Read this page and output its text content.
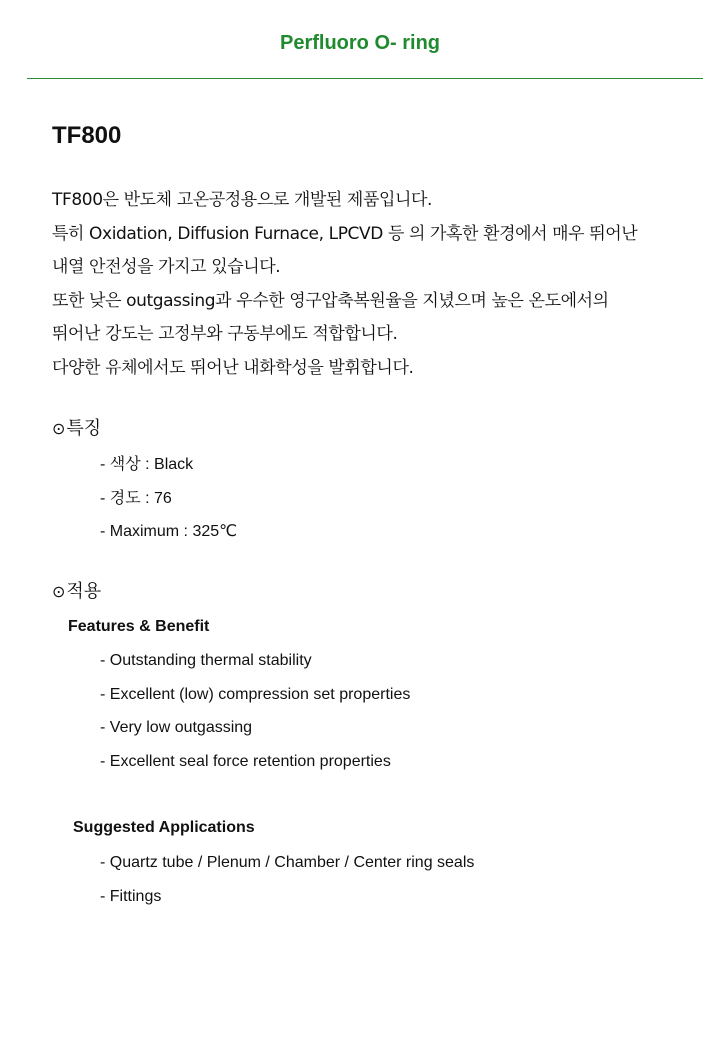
Perfluoro O- ring
TF800
TF800은 반도체 고온공정용으로 개발된 제품입니다.
특히 Oxidation, Diffusion Furnace, LPCVD 등 의 가혹한 환경에서 매우 뛰어난
내열 안전성을 가지고 있습니다.
또한 낮은 outgassing과 우수한 영구압축복원율을 지녔으며 높은 온도에서의
뛰어난 강도는 고정부와 구동부에도 적합합니다.
다양한 유체에서도 뛰어난 내화학성을 발휘합니다.
⊙특징
- 색상 : Black
- 경도 : 76
- Maximum : 325℃
⊙적용
Features & Benefit
- Outstanding thermal stability
- Excellent (low) compression set properties
- Very low outgassing
- Excellent seal force retention properties
Suggested Applications
- Quartz tube / Plenum / Chamber / Center ring seals
- Fittings
